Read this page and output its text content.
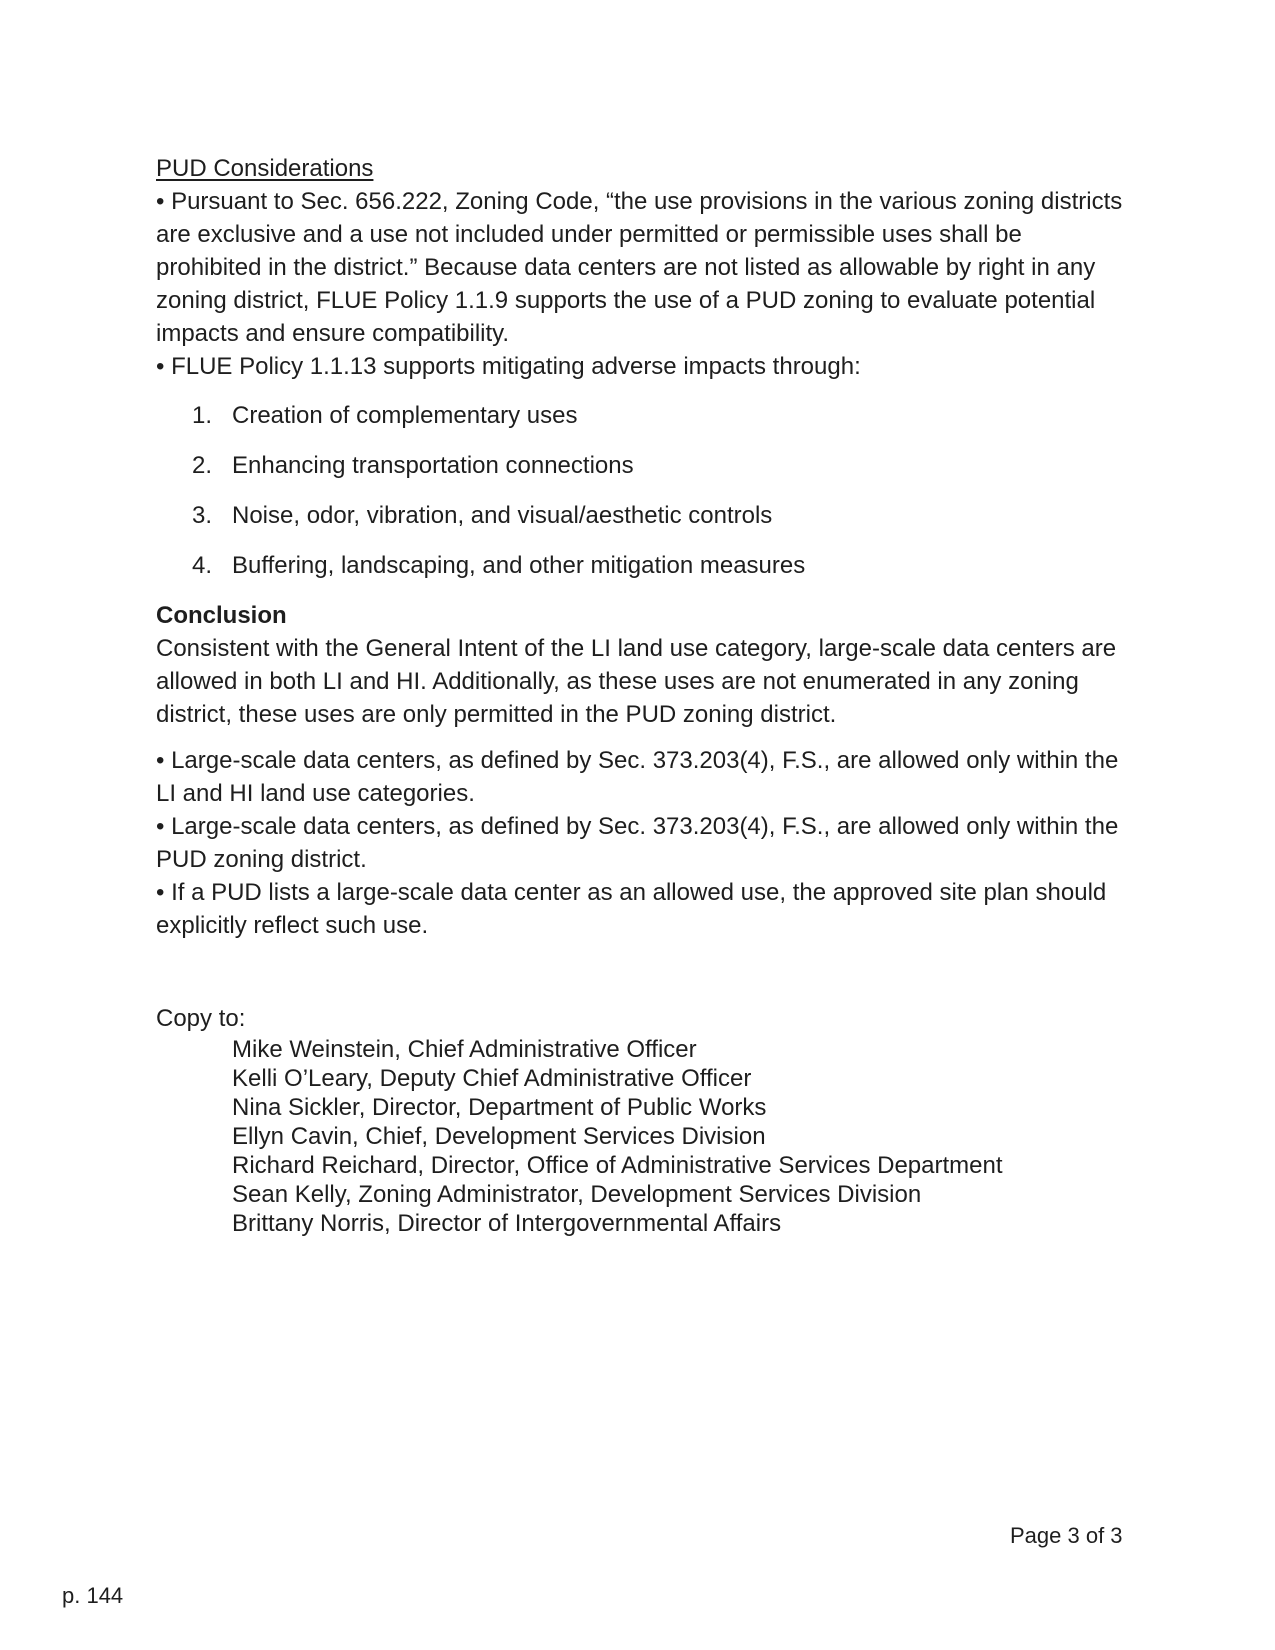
PUD Considerations

• Pursuant to Sec. 656.222, Zoning Code, “the use provisions in the various zoning districts are exclusive and a use not included under permitted or permissible uses shall be prohibited in the district.” Because data centers are not listed as allowable by right in any zoning district, FLUE Policy 1.1.9 supports the use of a PUD zoning to evaluate potential impacts and ensure compatibility.

• FLUE Policy 1.1.13 supports mitigating adverse impacts through:

1. Creation of complementary uses
2. Enhancing transportation connections
3. Noise, odor, vibration, and visual/aesthetic controls
4. Buffering, landscaping, and other mitigation measures
Conclusion

Consistent with the General Intent of the LI land use category, large-scale data centers are allowed in both LI and HI. Additionally, as these uses are not enumerated in any zoning district, these uses are only permitted in the PUD zoning district.

• Large-scale data centers, as defined by Sec. 373.203(4), F.S., are allowed only within the LI and HI land use categories.

• Large-scale data centers, as defined by Sec. 373.203(4), F.S., are allowed only within the PUD zoning district.

• If a PUD lists a large-scale data center as an allowed use, the approved site plan should explicitly reflect such use.

Copy to:
Mike Weinstein, Chief Administrative Officer
Kelli O’Leary, Deputy Chief Administrative Officer
Nina Sickler, Director, Department of Public Works
Ellyn Cavin, Chief, Development Services Division
Richard Reichard, Director, Office of Administrative Services Department
Sean Kelly, Zoning Administrator, Development Services Division
Brittany Norris, Director of Intergovernmental Affairs
Page 3 of 3
p. 144
